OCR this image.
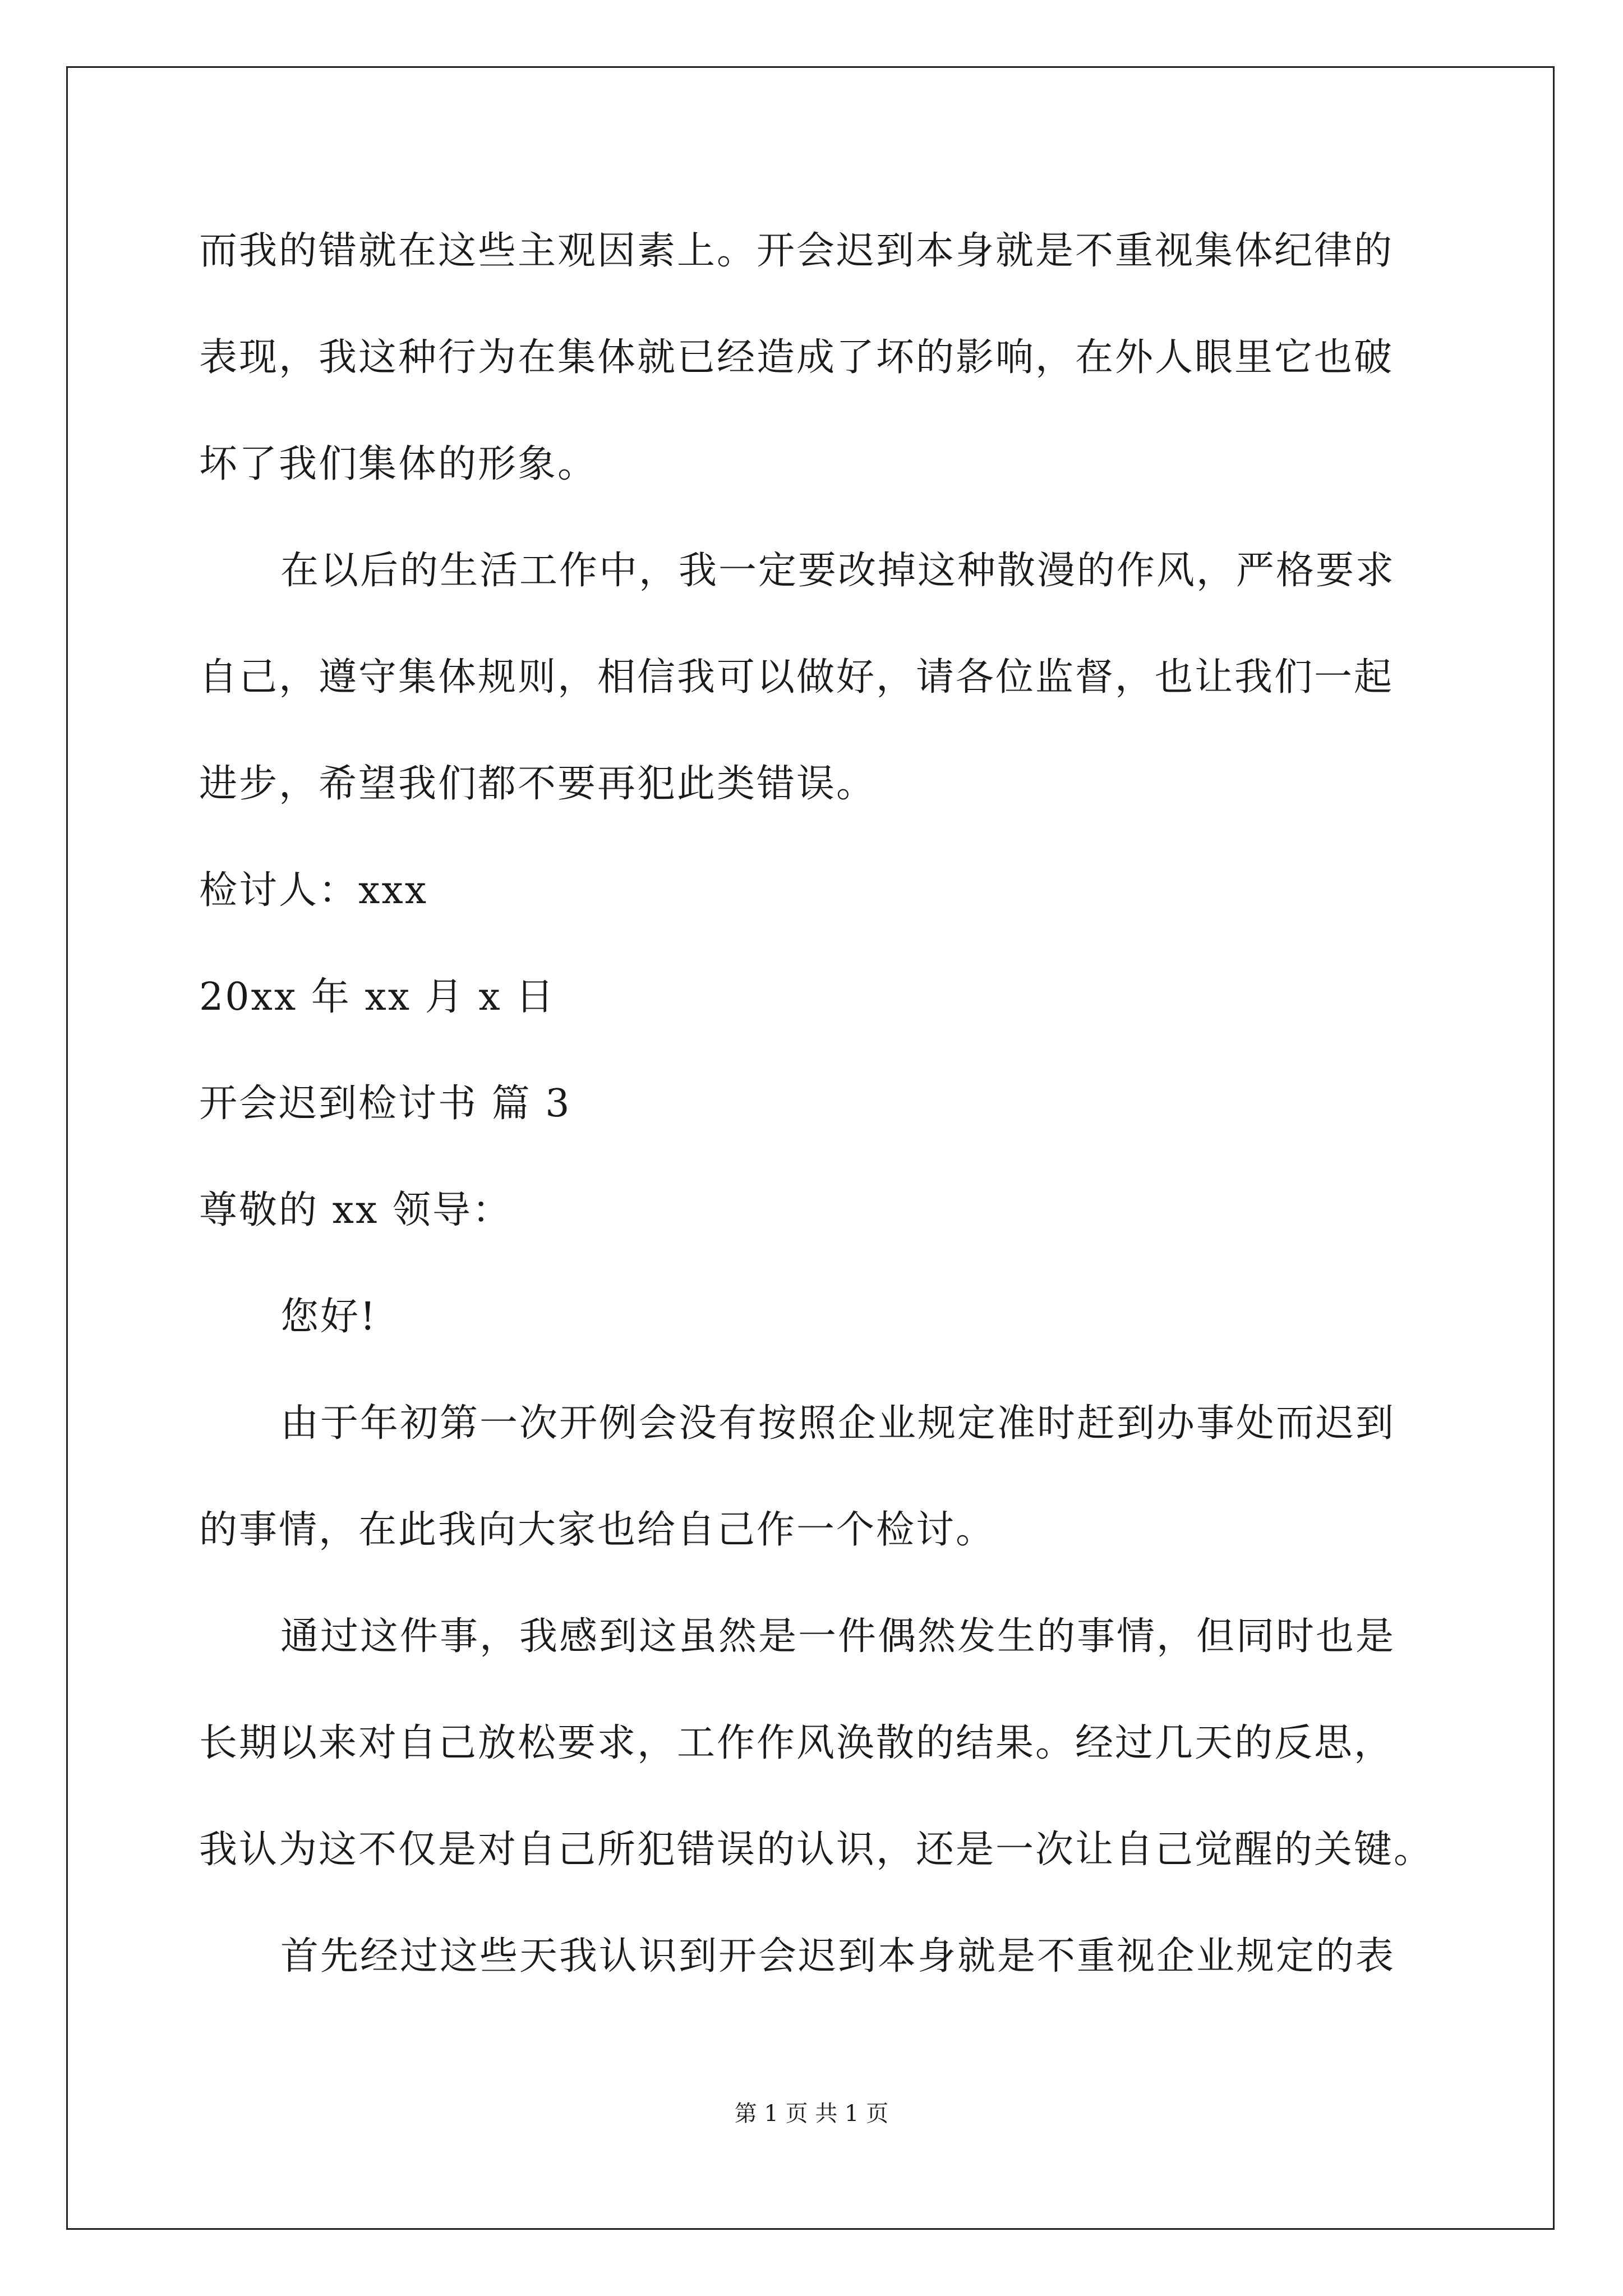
而我的错就在这些主观因素上。开会迟到本身就是不重视集体纪律的
表现，我这种行为在集体就已经造成了坏的影响，在外人眼里它也破
坏了我们集体的形象。
在以后的生活工作中，我一定要改掉这种散漫的作风，严格要求
自己，遵守集体规则，相信我可以做好，请各位监督，也让我们一起
进步，希望我们都不要再犯此类错误。
检讨人：xxx
20xx 年 xx 月 x 日
开会迟到检讨书 篇 3
尊敬的 xx 领导：
您好!
由于年初第一次开例会没有按照企业规定准时赶到办事处而迟到
的事情，在此我向大家也给自己作一个检讨。
通过这件事，我感到这虽然是一件偶然发生的事情，但同时也是
长期以来对自己放松要求，工作作风涣散的结果。经过几天的反思，
我认为这不仅是对自己所犯错误的认识，还是一次让自己觉醒的关键。
首先经过这些天我认识到开会迟到本身就是不重视企业规定的表
第 1 页 共 1 页
